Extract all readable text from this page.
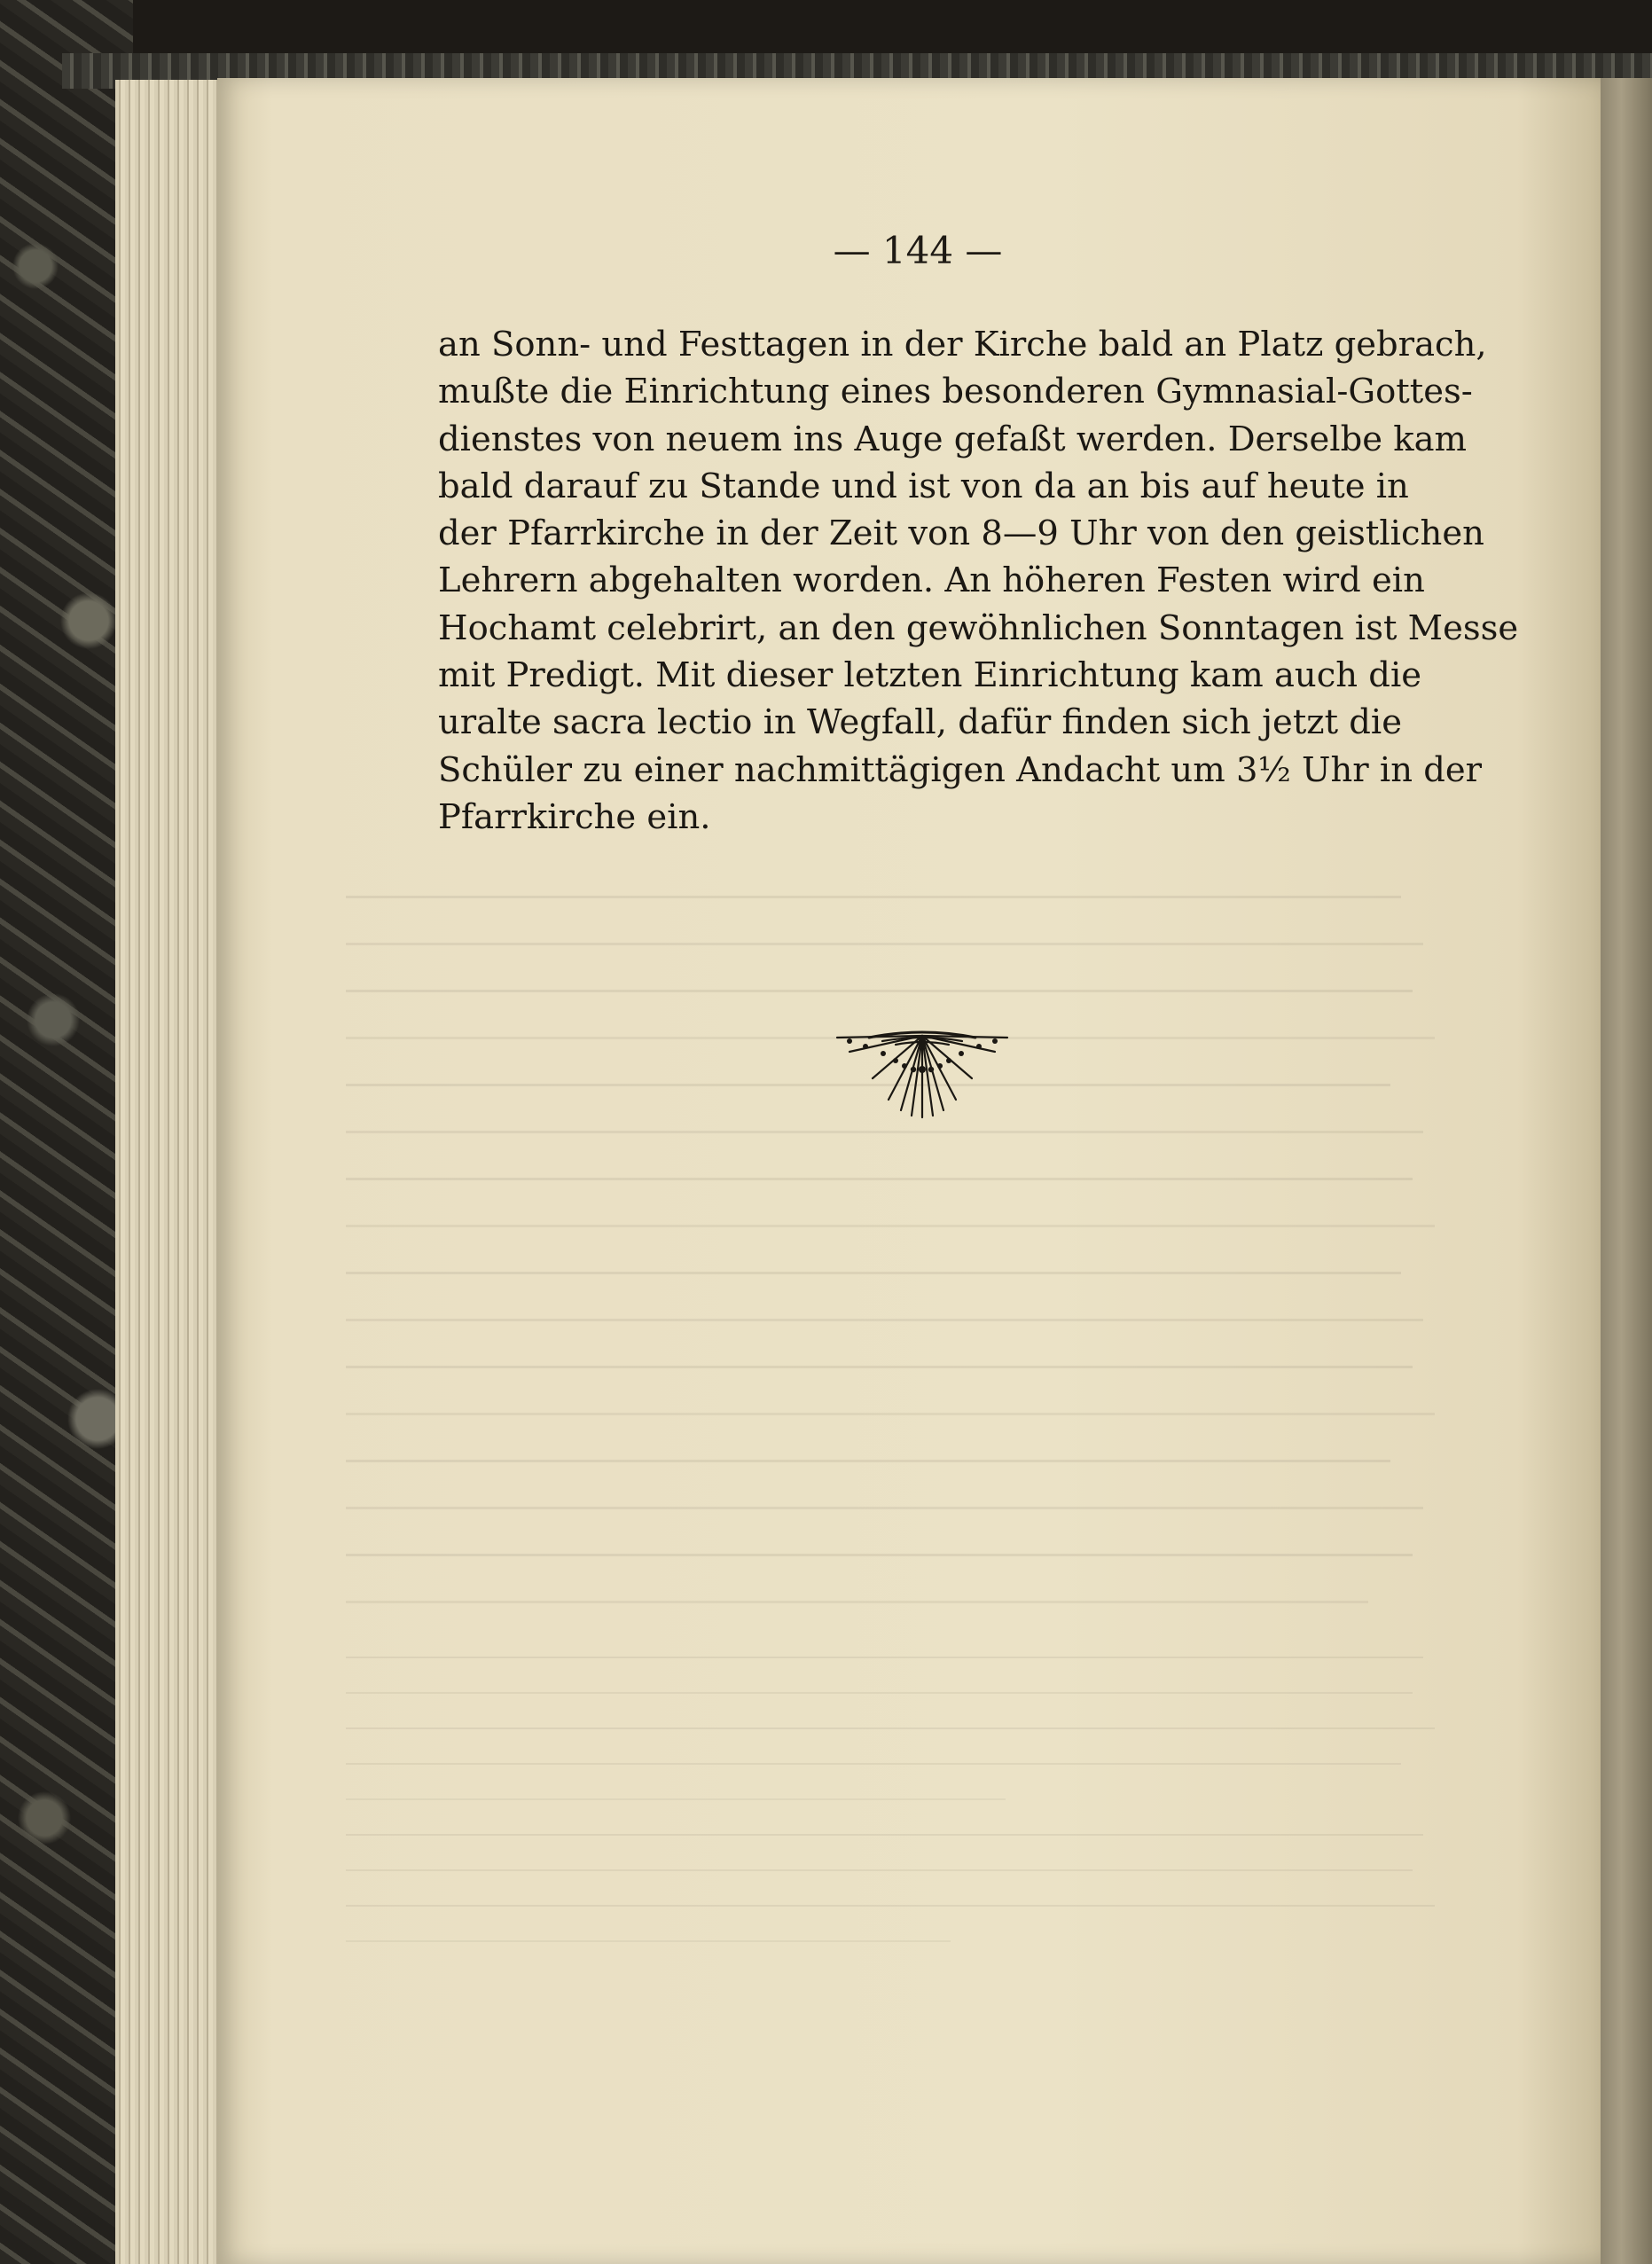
— 144 —
an Sonn- und Festtagen in der Kirche bald an Platz gebrach,
mußte die Einrichtung eines besonderen Gymnasial-Gottes-
dienstes von neuem ins Auge gefaßt werden. Derselbe kam
bald darauf zu Stande und ist von da an bis auf heute in
der Pfarrkirche in der Zeit von 8—9 Uhr von den geistlichen
Lehrern abgehalten worden. An höheren Festen wird ein
Hochamt celebrirt, an den gewöhnlichen Sonntagen ist Messe
mit Predigt. Mit dieser letzten Einrichtung kam auch die
uralte sacra lectio in Wegfall, dafür finden sich jetzt die
Schüler zu einer nachmittägigen Andacht um 3½ Uhr in der
Pfarrkirche ein.
